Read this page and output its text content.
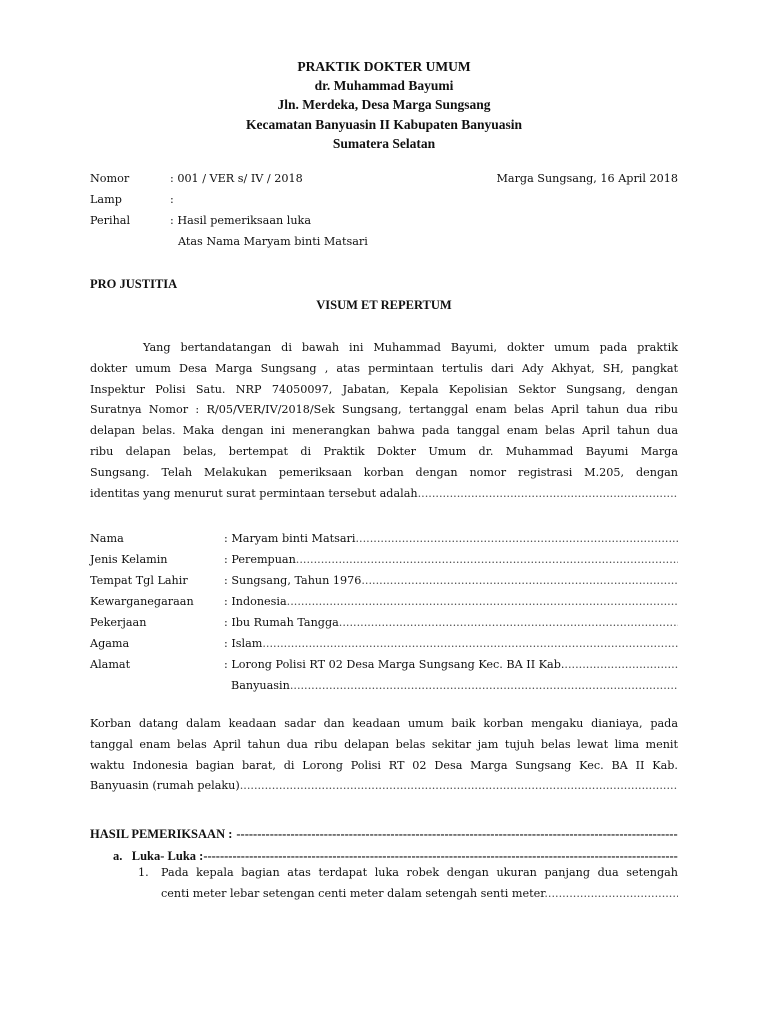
PRAKTIK DOKTER UMUM
dr. Muhammad Bayumi
Jln. Merdeka, Desa Marga Sungsang
Kecamatan Banyuasin II Kabupaten Banyuasin
Sumatera Selatan
Nomor	: 001 / VER s/ IV / 2018	Marga Sungsang, 16 April 2018
Lamp	:
Perihal	: Hasil pemeriksaan luka
Atas Nama Maryam binti Matsari
PRO JUSTITIA
VISUM ET REPERTUM
Yang bertandatangan di bawah ini Muhammad Bayumi, dokter umum pada praktik
dokter umum Desa Marga Sungsang , atas permintaan tertulis dari Ady Akhyat, SH, pangkat
Inspektur Polisi Satu. NRP 74050097, Jabatan, Kepala Kepolisian Sektor Sungsang, dengan
Suratnya Nomor : R/05/VER/IV/2018/Sek Sungsang, tertanggal enam belas April tahun dua ribu
delapan belas. Maka dengan ini menerangkan bahwa pada tanggal enam belas April tahun dua
ribu delapan belas, bertempat di Praktik Dokter Umum dr. Muhammad Bayumi Marga
Sungsang. Telah Melakukan pemeriksaan korban dengan nomor registrasi M.205, dengan
identitas yang menurut surat permintaan tersebut adalah .....
Nama	: Maryam binti Matsari .....
Jenis Kelamin	: Perempuan .....
Tempat Tgl Lahir	: Sungsang, Tahun 1976 .....
Kewarganegaraan	: Indonesia .....
Pekerjaan	: Ibu Rumah Tangga .....
Agama	: Islam .....
Alamat	: Lorong Polisi RT 02 Desa Marga Sungsang Kec. BA II Kab. .....
Banyuasin .....
Korban datang dalam keadaan sadar dan keadaan umum baik korban mengaku dianiaya, pada
tanggal enam belas April tahun dua ribu delapan belas sekitar jam tujuh belas lewat lima menit
waktu Indonesia bagian barat, di Lorong Polisi RT 02 Desa Marga Sungsang Kec. BA II Kab.
Banyuasin (rumah pelaku) .....
HASIL PEMERIKSAAN : -----
a.   Luka- Luka : -----
1. Pada kepala bagian atas terdapat luka robek dengan ukuran panjang dua setengah
centi meter lebar setengan centi meter dalam setengah senti meter .....
